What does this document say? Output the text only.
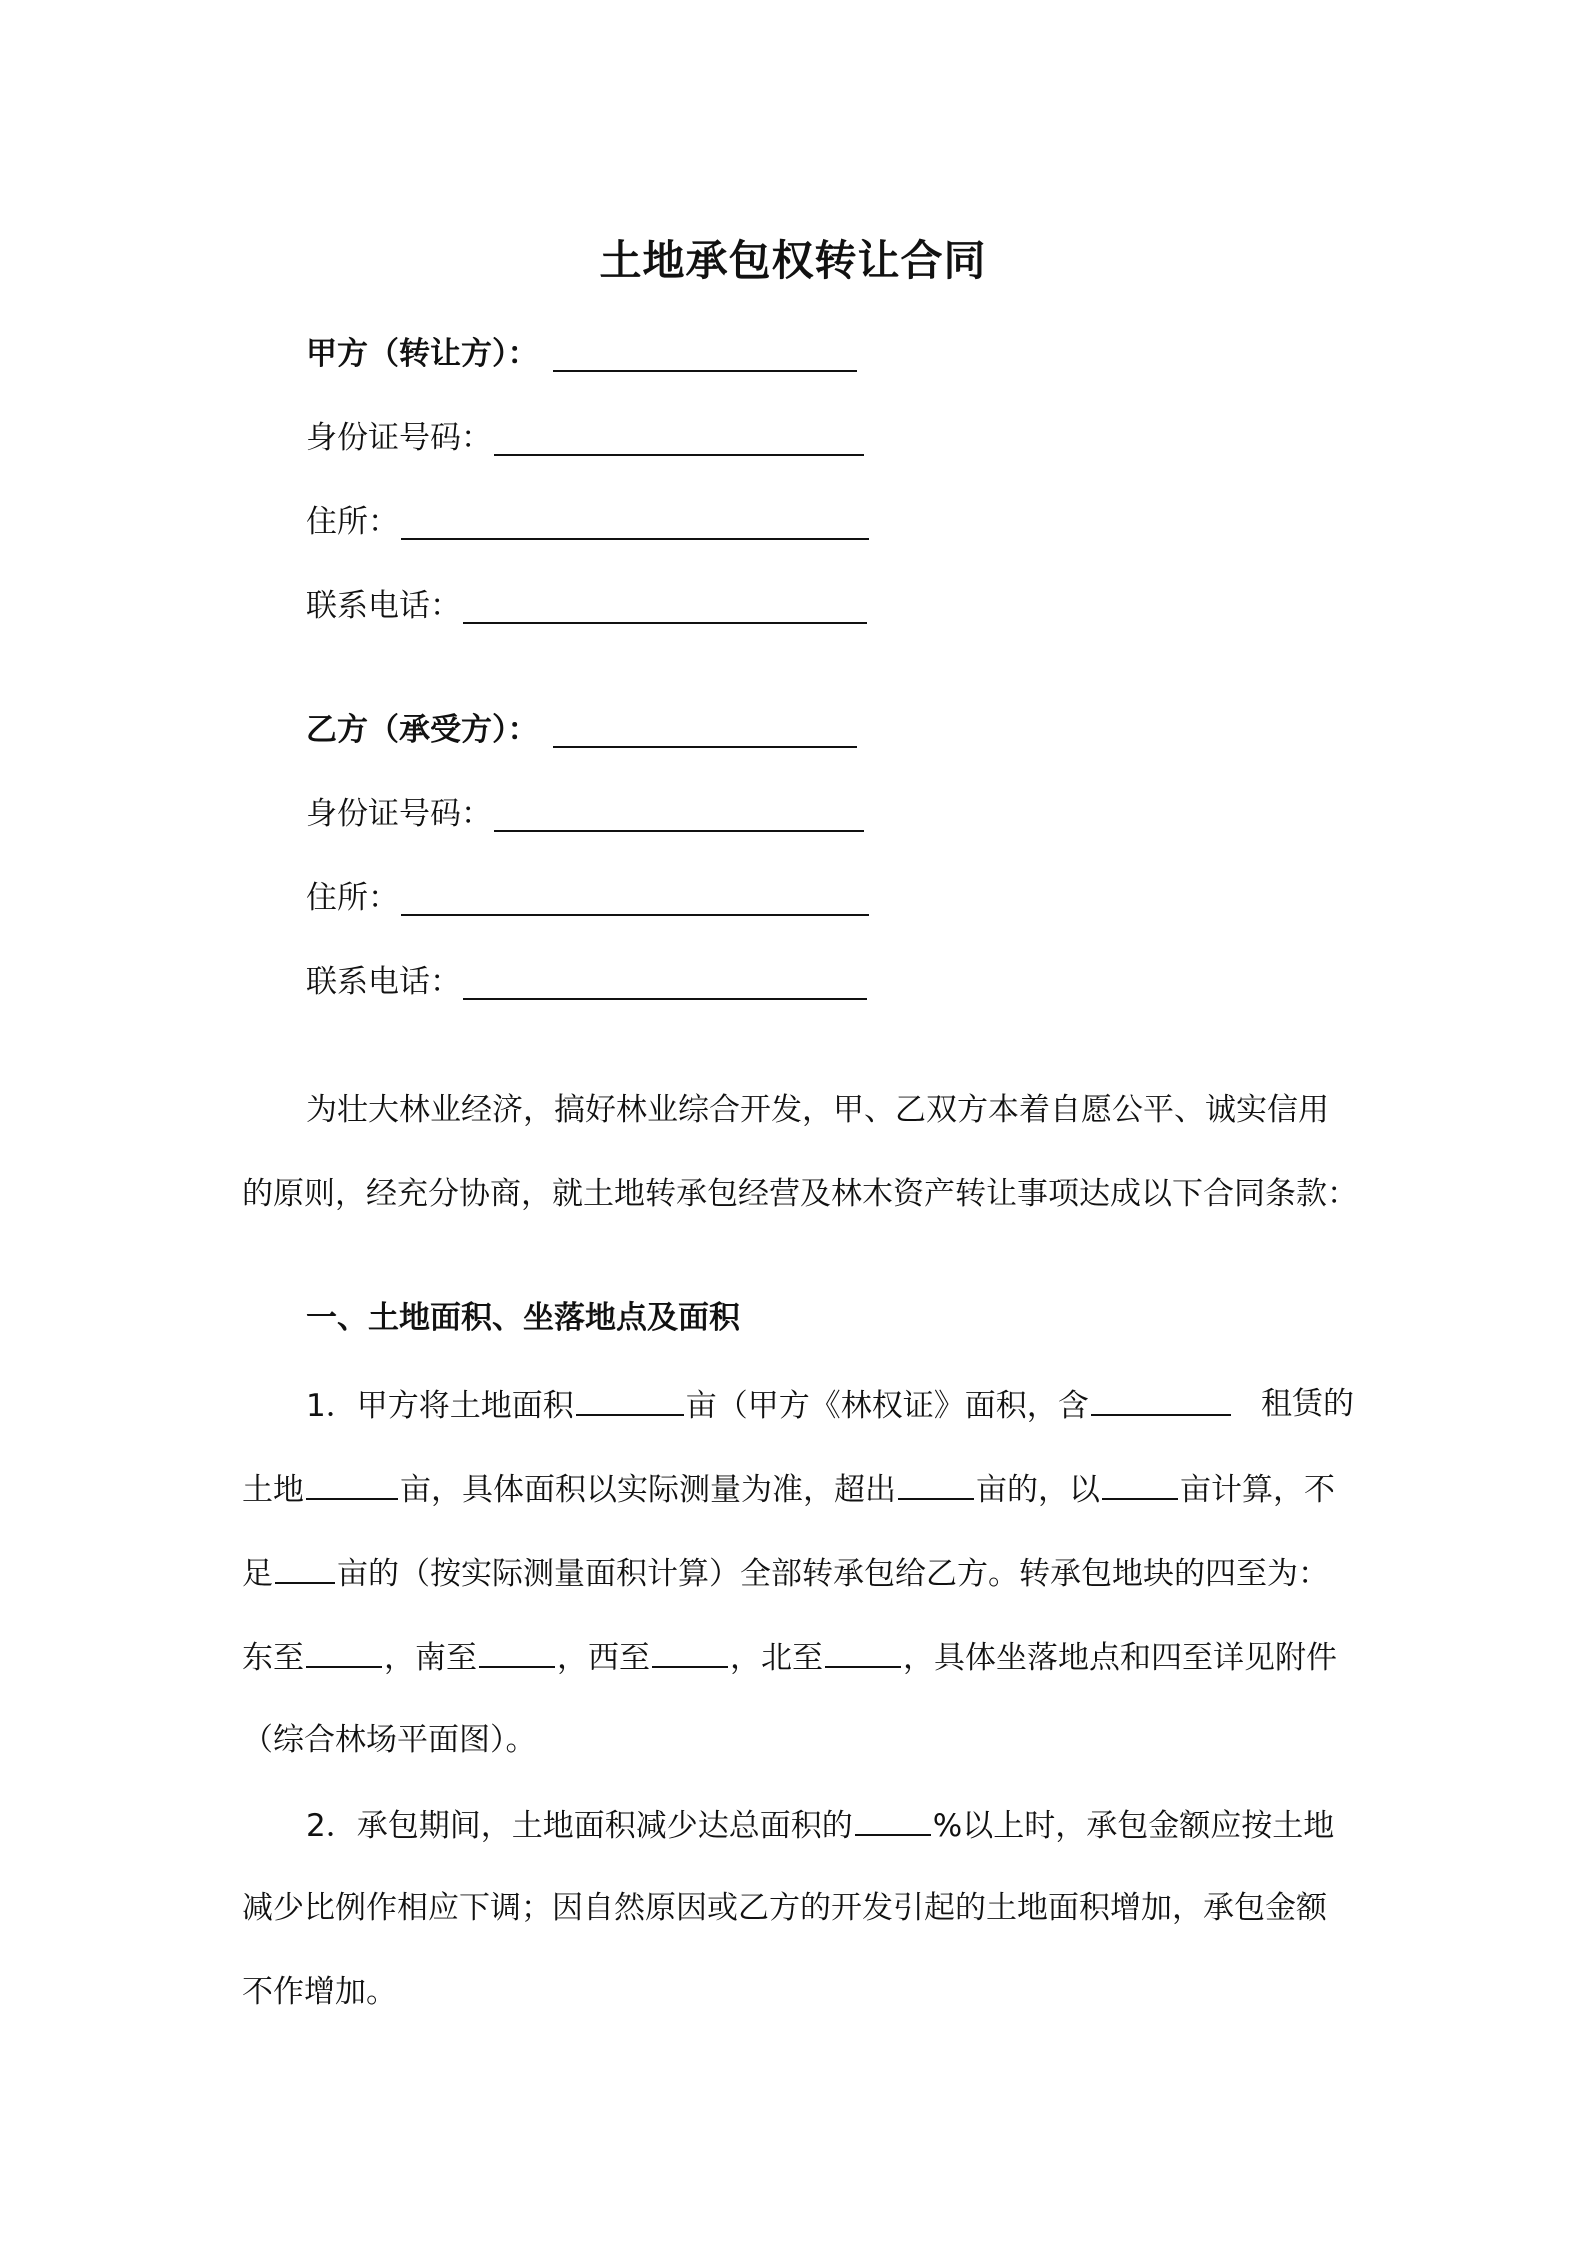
土地承包权转让合同
甲方（转让方）：
身份证号码：
住所：
联系电话：
乙方（承受方）：
身份证号码：
住所：
联系电话：
为壮大林业经济，搞好林业综合开发，甲、乙双方本着自愿公平、诚实信用
的原则，经充分协商，就土地转承包经营及林木资产转让事项达成以下合同条款：
一、土地面积、坐落地点及面积
1．甲方将土地面积	亩（甲方《林权证》面积，含	租赁的
土地	亩，具体面积以实际测量为准，超出	亩的，以	亩计算，不
足 亩的（按实际测量面积计算）全部转承包给乙方。转承包地块的四至为：
东至	，南至	，西至	，北至	，具体坐落地点和四至详见附件
（综合林场平面图）。
2．承包期间，土地面积减少达总面积的	%以上时，承包金额应按土地
减少比例作相应下调；因自然原因或乙方的开发引起的土地面积增加，承包金额
不作增加。
